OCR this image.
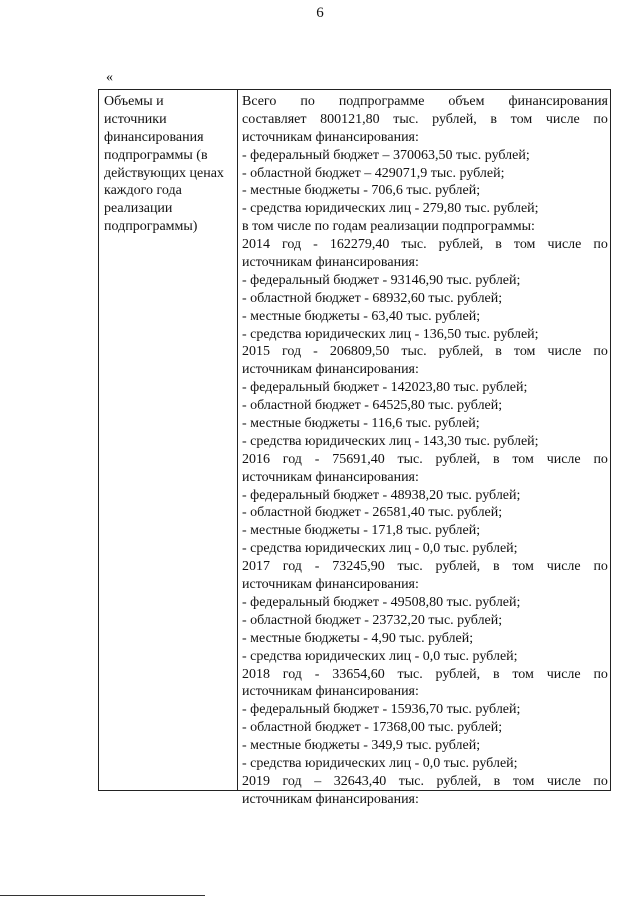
6
«
Объемы и
источники
финансирования
подпрограммы (в
действующих ценах
каждого года
реализации
подпрограммы)
Всего по подпрограмме объем финансирования
составляет 800121,80 тыс. рублей, в том числе по
источникам финансирования:
- федеральный бюджет – 370063,50 тыс. рублей;
- областной бюджет – 429071,9 тыс. рублей;
- местные бюджеты - 706,6 тыс. рублей;
- средства юридических лиц - 279,80 тыс. рублей;
в том числе по годам реализации подпрограммы:
2014 год - 162279,40 тыс. рублей, в том числе по
источникам финансирования:
- федеральный бюджет - 93146,90 тыс. рублей;
- областной бюджет - 68932,60 тыс. рублей;
- местные бюджеты - 63,40 тыс. рублей;
- средства юридических лиц - 136,50 тыс. рублей;
2015 год - 206809,50 тыс. рублей, в том числе по
источникам финансирования:
- федеральный бюджет - 142023,80 тыс. рублей;
- областной бюджет - 64525,80 тыс. рублей;
- местные бюджеты - 116,6 тыс. рублей;
- средства юридических лиц - 143,30 тыс. рублей;
2016 год - 75691,40 тыс. рублей, в том числе по
источникам финансирования:
- федеральный бюджет - 48938,20 тыс. рублей;
- областной бюджет - 26581,40 тыс. рублей;
- местные бюджеты - 171,8 тыс. рублей;
- средства юридических лиц - 0,0 тыс. рублей;
2017 год - 73245,90 тыс. рублей, в том числе по
источникам финансирования:
- федеральный бюджет - 49508,80 тыс. рублей;
- областной бюджет - 23732,20 тыс. рублей;
- местные бюджеты - 4,90 тыс. рублей;
- средства юридических лиц - 0,0 тыс. рублей;
2018 год - 33654,60 тыс. рублей, в том числе по
источникам финансирования:
- федеральный бюджет - 15936,70 тыс. рублей;
- областной бюджет - 17368,00 тыс. рублей;
- местные бюджеты - 349,9 тыс. рублей;
- средства юридических лиц - 0,0 тыс. рублей;
2019 год – 32643,40 тыс. рублей, в том числе по
источникам финансирования:
